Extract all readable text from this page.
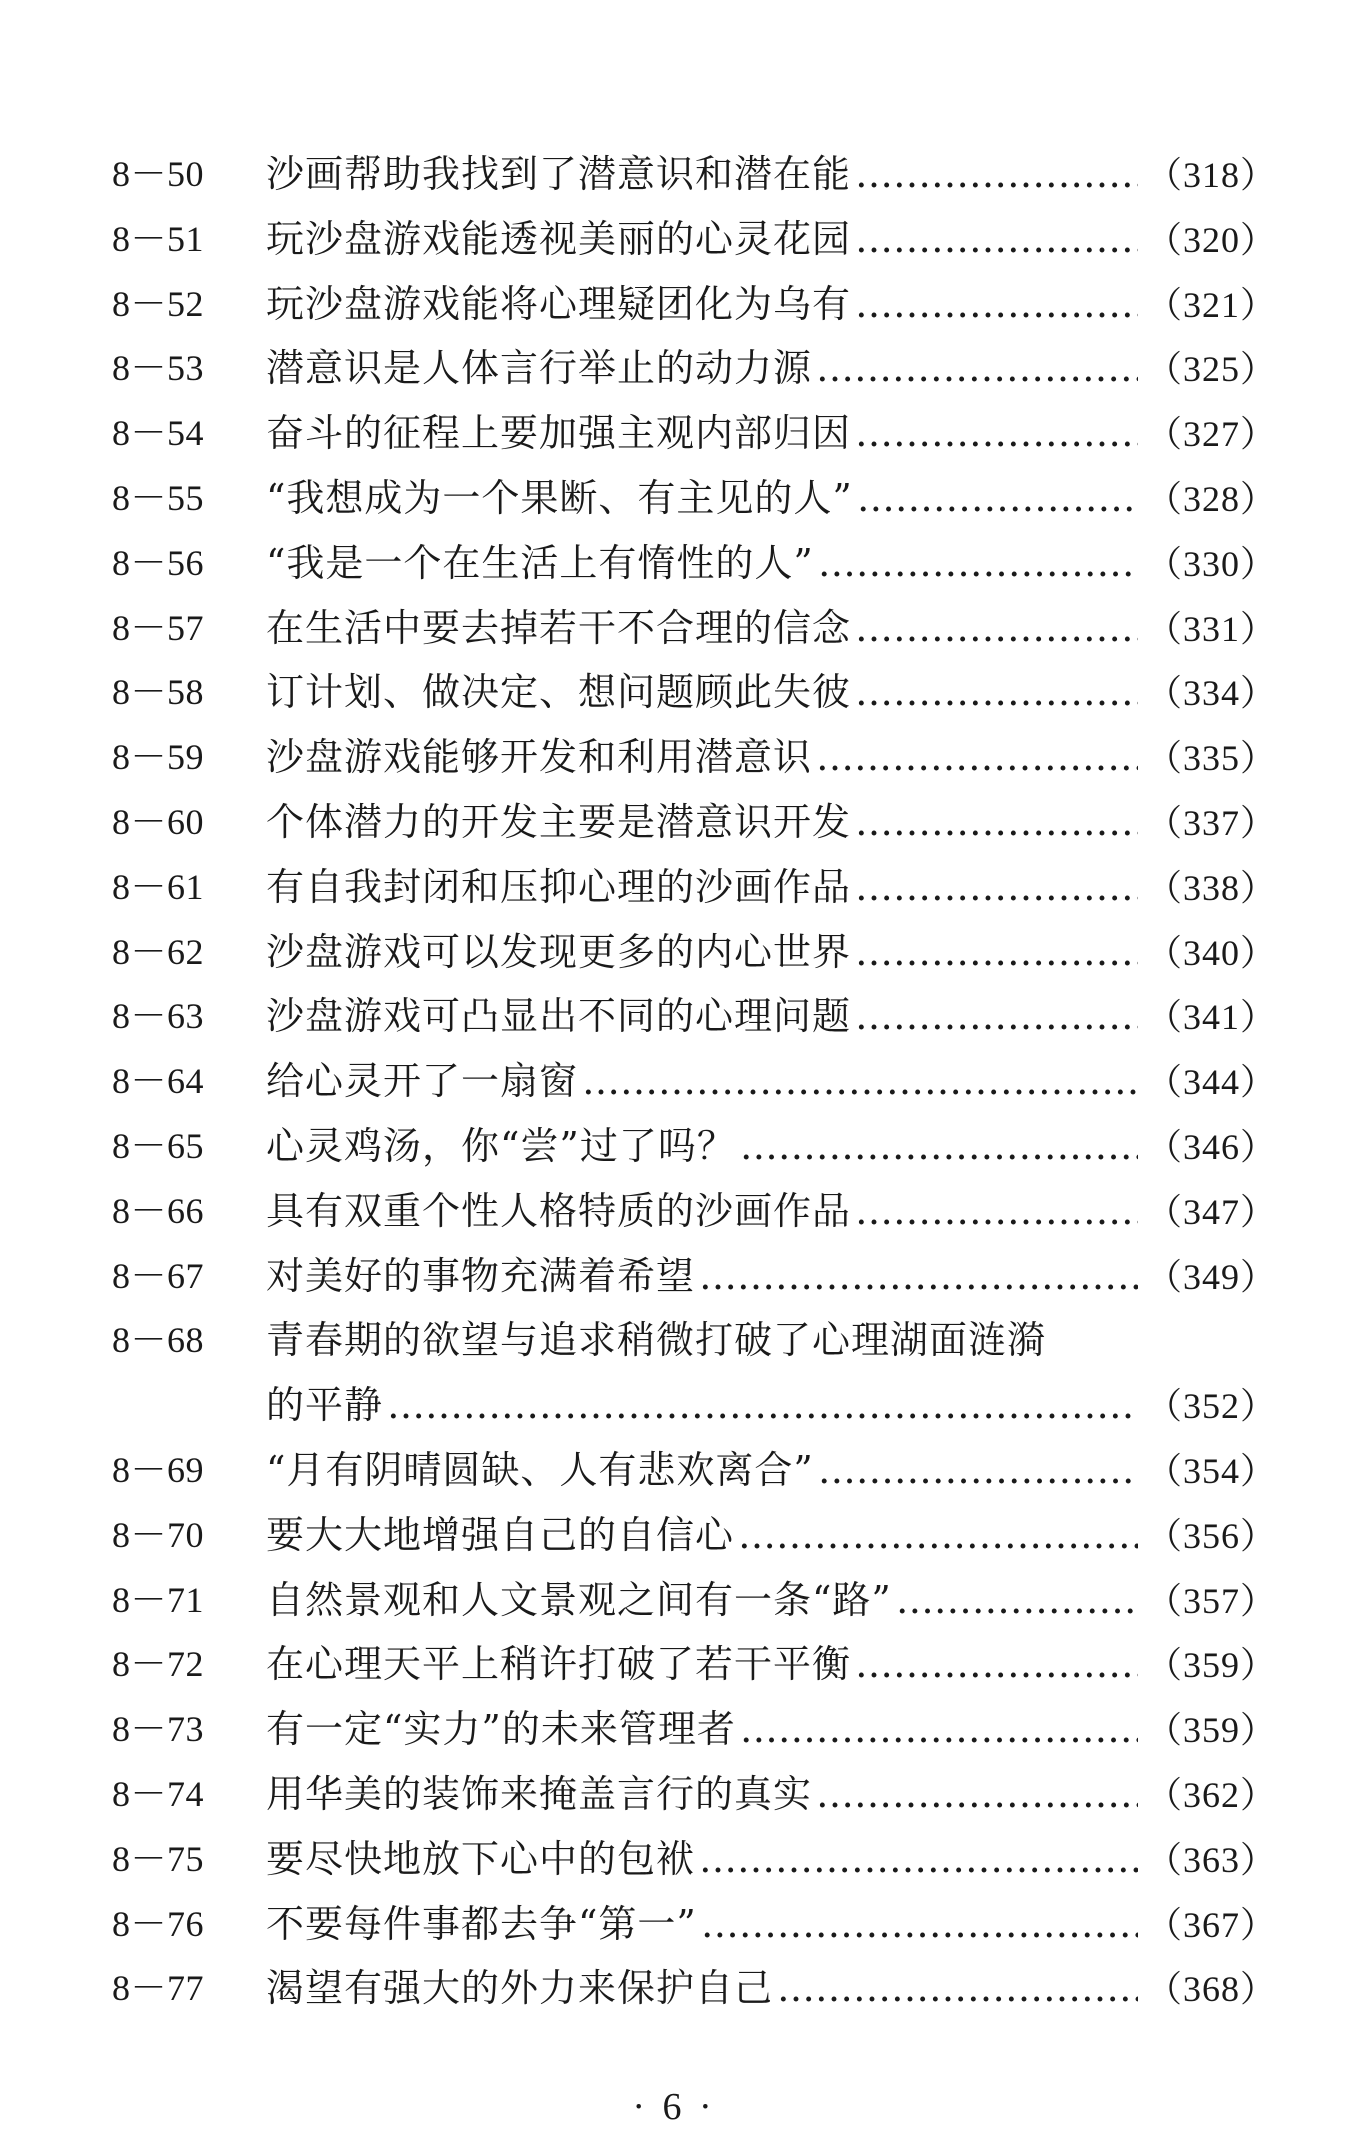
8－50 沙画帮助我找到了潜意识和潜在能 ……………………………………………………………………………………………………	（318）
8－51 玩沙盘游戏能透视美丽的心灵花园 ……………………………………………………………………………………………………	（320）
8－52 玩沙盘游戏能将心理疑团化为乌有 ……………………………………………………………………………………………………	（321）
8－53 潜意识是人体言行举止的动力源 ……………………………………………………………………………………………………	（325）
8－54 奋斗的征程上要加强主观内部归因 ……………………………………………………………………………………………………	（327）
8－55 “我想成为一个果断、有主见的人” ……………………………………………………………………………………………………	（328）
8－56 “我是一个在生活上有惰性的人” ……………………………………………………………………………………………………	（330）
8－57 在生活中要去掉若干不合理的信念 ……………………………………………………………………………………………………	（331）
8－58 订计划、做决定、想问题顾此失彼 ……………………………………………………………………………………………………	（334）
8－59 沙盘游戏能够开发和利用潜意识 ……………………………………………………………………………………………………	（335）
8－60 个体潜力的开发主要是潜意识开发 ……………………………………………………………………………………………………	（337）
8－61 有自我封闭和压抑心理的沙画作品 ……………………………………………………………………………………………………	（338）
8－62 沙盘游戏可以发现更多的内心世界 ……………………………………………………………………………………………………	（340）
8－63 沙盘游戏可凸显出不同的心理问题 ……………………………………………………………………………………………………	（341）
8－64 给心灵开了一扇窗 ……………………………………………………………………………………………………	（344）
8－65 心灵鸡汤，你“尝”过了吗？ ……………………………………………………………………………………………………	（346）
8－66 具有双重个性人格特质的沙画作品 ……………………………………………………………………………………………………	（347）
8－67 对美好的事物充满着希望 ……………………………………………………………………………………………………	（349）
8－68 青春期的欲望与追求稍微打破了心理湖面涟漪
的平静 ……………………………………………………………………………………………………	（352）
8－69 “月有阴晴圆缺、人有悲欢离合” ……………………………………………………………………………………………………	（354）
8－70 要大大地增强自己的自信心 ……………………………………………………………………………………………………	（356）
8－71 自然景观和人文景观之间有一条“路” ……………………………………………………………………………………………………	（357）
8－72 在心理天平上稍许打破了若干平衡 ……………………………………………………………………………………………………	（359）
8－73 有一定“实力”的未来管理者 ……………………………………………………………………………………………………	（359）
8－74 用华美的装饰来掩盖言行的真实 ……………………………………………………………………………………………………	（362）
8－75 要尽快地放下心中的包袱 ……………………………………………………………………………………………………	（363）
8－76 不要每件事都去争“第一” ……………………………………………………………………………………………………	（367）
8－77 渴望有强大的外力来保护自己 ……………………………………………………………………………………………………	（368）
· 6 ·
